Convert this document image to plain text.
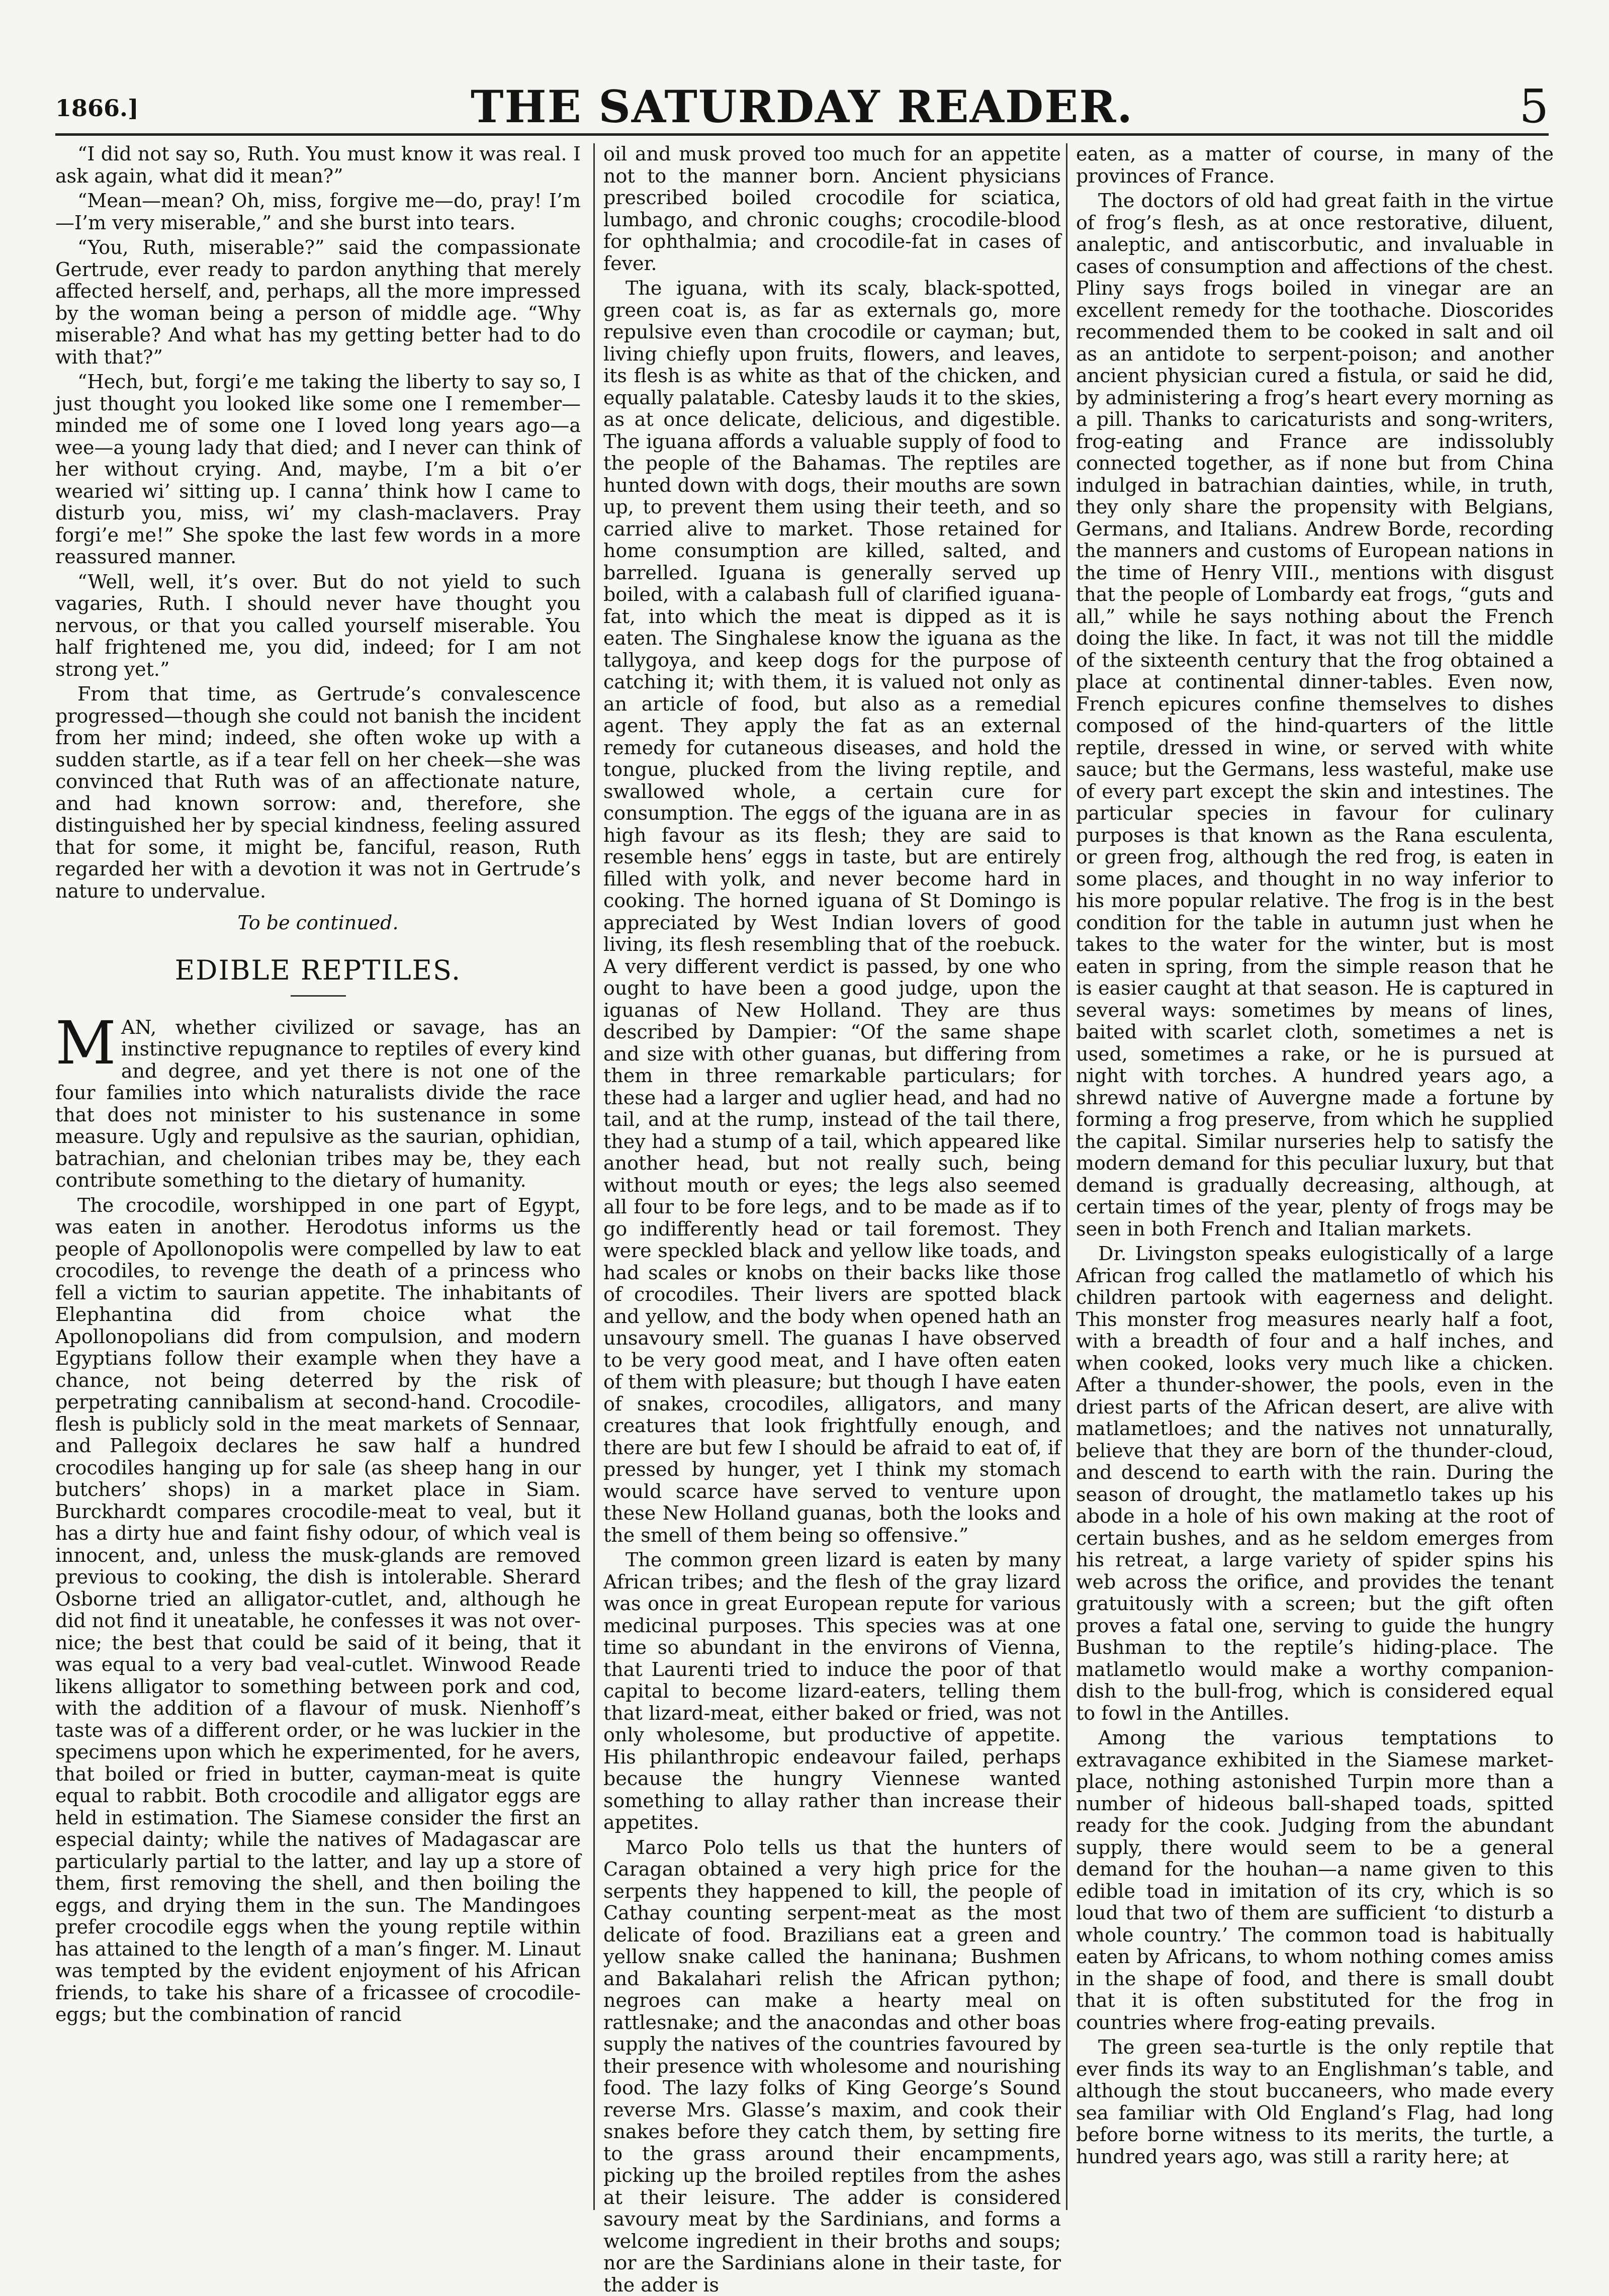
1866.]	THE SATURDAY READER.	5

“I did not say so, Ruth. You must know it was real. I ask again, what did it mean?”

“Mean—mean? Oh, miss, forgive me—do, pray! I’m—I’m very miserable,” and she burst into tears.

“You, Ruth, miserable?” said the compassionate Gertrude, ever ready to pardon anything that merely affected herself, and, perhaps, all the more impressed by the woman being a person of middle age. “Why miserable? And what has my getting better had to do with that?”

“Hech, but, forgi’e me taking the liberty to say so, I just thought you looked like some one I remember—minded me of some one I loved long years ago—a wee—a young lady that died; and I never can think of her without crying. And, maybe, I’m a bit o’er wearied wi’ sitting up. I canna’ think how I came to disturb you, miss, wi’ my clash-maclavers. Pray forgi’e me!” She spoke the last few words in a more reassured manner.

“Well, well, it’s over. But do not yield to such vagaries, Ruth. I should never have thought you nervous, or that you called yourself miserable. You half frightened me, you did, indeed; for I am not strong yet.”

From that time, as Gertrude’s convalescence progressed—though she could not banish the incident from her mind; indeed, she often woke up with a sudden startle, as if a tear fell on her cheek—she was convinced that Ruth was of an affectionate nature, and had known sorrow: and, therefore, she distinguished her by special kindness, feeling assured that for some, it might be, fanciful, reason, Ruth regarded her with a devotion it was not in Gertrude’s nature to undervalue.

To be continued.

EDIBLE REPTILES.

MAN, whether civilized or savage, has an instinctive repugnance to reptiles of every kind and degree, and yet there is not one of the four families into which naturalists divide the race that does not minister to his sustenance in some measure. Ugly and repulsive as the saurian, ophidian, batrachian, and chelonian tribes may be, they each contribute something to the dietary of humanity.

The crocodile, worshipped in one part of Egypt, was eaten in another. Herodotus informs us the people of Apollonopolis were compelled by law to eat crocodiles, to revenge the death of a princess who fell a victim to saurian appetite. The inhabitants of Elephantina did from choice what the Apollonopolians did from compulsion, and modern Egyptians follow their example when they have a chance, not being deterred by the risk of perpetrating cannibalism at second-hand. Crocodile-flesh is publicly sold in the meat markets of Sennaar, and Pallegoix declares he saw half a hundred crocodiles hanging up for sale (as sheep hang in our butchers’ shops) in a market place in Siam. Burckhardt compares crocodile-meat to veal, but it has a dirty hue and faint fishy odour, of which veal is innocent, and, unless the musk-glands are removed previous to cooking, the dish is intolerable. Sherard Osborne tried an alligator-cutlet, and, although he did not find it uneatable, he confesses it was not over-nice; the best that could be said of it being, that it was equal to a very bad veal-cutlet. Winwood Reade likens alligator to something between pork and cod, with the addition of a flavour of musk. Nienhoff’s taste was of a different order, or he was luckier in the specimens upon which he experimented, for he avers, that boiled or fried in butter, cayman-meat is quite equal to rabbit. Both crocodile and alligator eggs are held in estimation. The Siamese consider the first an especial dainty; while the natives of Madagascar are particularly partial to the latter, and lay up a store of them, first removing the shell, and then boiling the eggs, and drying them in the sun. The Mandingoes prefer crocodile eggs when the young reptile within has attained to the length of a man’s finger. M. Linaut was tempted by the evident enjoyment of his African friends, to take his share of a fricassee of crocodile-eggs; but the combination of rancid

oil and musk proved too much for an appetite not to the manner born. Ancient physicians prescribed boiled crocodile for sciatica, lumbago, and chronic coughs; crocodile-blood for ophthalmia; and crocodile-fat in cases of fever.

The iguana, with its scaly, black-spotted, green coat is, as far as externals go, more repulsive even than crocodile or cayman; but, living chiefly upon fruits, flowers, and leaves, its flesh is as white as that of the chicken, and equally palatable. Catesby lauds it to the skies, as at once delicate, delicious, and digestible. The iguana affords a valuable supply of food to the people of the Bahamas. The reptiles are hunted down with dogs, their mouths are sown up, to prevent them using their teeth, and so carried alive to market. Those retained for home consumption are killed, salted, and barrelled. Iguana is generally served up boiled, with a calabash full of clarified iguana-fat, into which the meat is dipped as it is eaten. The Singhalese know the iguana as the tallygoya, and keep dogs for the purpose of catching it; with them, it is valued not only as an article of food, but also as a remedial agent. They apply the fat as an external remedy for cutaneous diseases, and hold the tongue, plucked from the living reptile, and swallowed whole, a certain cure for consumption. The eggs of the iguana are in as high favour as its flesh; they are said to resemble hens’ eggs in taste, but are entirely filled with yolk, and never become hard in cooking. The horned iguana of St Domingo is appreciated by West Indian lovers of good living, its flesh resembling that of the roebuck. A very different verdict is passed, by one who ought to have been a good judge, upon the iguanas of New Holland. They are thus described by Dampier: “Of the same shape and size with other guanas, but differing from them in three remarkable particulars; for these had a larger and uglier head, and had no tail, and at the rump, instead of the tail there, they had a stump of a tail, which appeared like another head, but not really such, being without mouth or eyes; the legs also seemed all four to be fore legs, and to be made as if to go indifferently head or tail foremost. They were speckled black and yellow like toads, and had scales or knobs on their backs like those of crocodiles. Their livers are spotted black and yellow, and the body when opened hath an unsavoury smell. The guanas I have observed to be very good meat, and I have often eaten of them with pleasure; but though I have eaten of snakes, crocodiles, alligators, and many creatures that look frightfully enough, and there are but few I should be afraid to eat of, if pressed by hunger, yet I think my stomach would scarce have served to venture upon these New Holland guanas, both the looks and the smell of them being so offensive.”

The common green lizard is eaten by many African tribes; and the flesh of the gray lizard was once in great European repute for various medicinal purposes. This species was at one time so abundant in the environs of Vienna, that Laurenti tried to induce the poor of that capital to become lizard-eaters, telling them that lizard-meat, either baked or fried, was not only wholesome, but productive of appetite. His philanthropic endeavour failed, perhaps because the hungry Viennese wanted something to allay rather than increase their appetites.

Marco Polo tells us that the hunters of Caragan obtained a very high price for the serpents they happened to kill, the people of Cathay counting serpent-meat as the most delicate of food. Brazilians eat a green and yellow snake called the haninana; Bushmen and Bakalahari relish the African python; negroes can make a hearty meal on rattlesnake; and the anacondas and other boas supply the natives of the countries favoured by their presence with wholesome and nourishing food. The lazy folks of King George’s Sound reverse Mrs. Glasse’s maxim, and cook their snakes before they catch them, by setting fire to the grass around their encampments, picking up the broiled reptiles from the ashes at their leisure. The adder is considered savoury meat by the Sardinians, and forms a welcome ingredient in their broths and soups; nor are the Sardinians alone in their taste, for the adder is

eaten, as a matter of course, in many of the provinces of France.

The doctors of old had great faith in the virtue of frog’s flesh, as at once restorative, diluent, analeptic, and antiscorbutic, and invaluable in cases of consumption and affections of the chest. Pliny says frogs boiled in vinegar are an excellent remedy for the toothache. Dioscorides recommended them to be cooked in salt and oil as an antidote to serpent-poison; and another ancient physician cured a fistula, or said he did, by administering a frog’s heart every morning as a pill. Thanks to caricaturists and song-writers, frog-eating and France are indissolubly connected together, as if none but from China indulged in batrachian dainties, while, in truth, they only share the propensity with Belgians, Germans, and Italians. Andrew Borde, recording the manners and customs of European nations in the time of Henry VIII., mentions with disgust that the people of Lombardy eat frogs, “guts and all,” while he says nothing about the French doing the like. In fact, it was not till the middle of the sixteenth century that the frog obtained a place at continental dinner-tables. Even now, French epicures confine themselves to dishes composed of the hind-quarters of the little reptile, dressed in wine, or served with white sauce; but the Germans, less wasteful, make use of every part except the skin and intestines. The particular species in favour for culinary purposes is that known as the Rana esculenta, or green frog, although the red frog, is eaten in some places, and thought in no way inferior to his more popular relative. The frog is in the best condition for the table in autumn just when he takes to the water for the winter, but is most eaten in spring, from the simple reason that he is easier caught at that season. He is captured in several ways: sometimes by means of lines, baited with scarlet cloth, sometimes a net is used, sometimes a rake, or he is pursued at night with torches. A hundred years ago, a shrewd native of Auvergne made a fortune by forming a frog preserve, from which he supplied the capital. Similar nurseries help to satisfy the modern demand for this peculiar luxury, but that demand is gradually decreasing, although, at certain times of the year, plenty of frogs may be seen in both French and Italian markets.

Dr. Livingston speaks eulogistically of a large African frog called the matlametlo of which his children partook with eagerness and delight. This monster frog measures nearly half a foot, with a breadth of four and a half inches, and when cooked, looks very much like a chicken. After a thunder-shower, the pools, even in the driest parts of the African desert, are alive with matlametloes; and the natives not unnaturally, believe that they are born of the thunder-cloud, and descend to earth with the rain. During the season of drought, the matlametlo takes up his abode in a hole of his own making at the root of certain bushes, and as he seldom emerges from his retreat, a large variety of spider spins his web across the orifice, and provides the tenant gratuitously with a screen; but the gift often proves a fatal one, serving to guide the hungry Bushman to the reptile’s hiding-place. The matlametlo would make a worthy companion-dish to the bull-frog, which is considered equal to fowl in the Antilles.

Among the various temptations to extravagance exhibited in the Siamese market-place, nothing astonished Turpin more than a number of hideous ball-shaped toads, spitted ready for the cook. Judging from the abundant supply, there would seem to be a general demand for the houhan—a name given to this edible toad in imitation of its cry, which is so loud that two of them are sufficient ‘to disturb a whole country.’ The common toad is habitually eaten by Africans, to whom nothing comes amiss in the shape of food, and there is small doubt that it is often substituted for the frog in countries where frog-eating prevails.

The green sea-turtle is the only reptile that ever finds its way to an Englishman’s table, and although the stout buccaneers, who made every sea familiar with Old England’s Flag, had long before borne witness to its merits, the turtle, a hundred years ago, was still a rarity here; at
